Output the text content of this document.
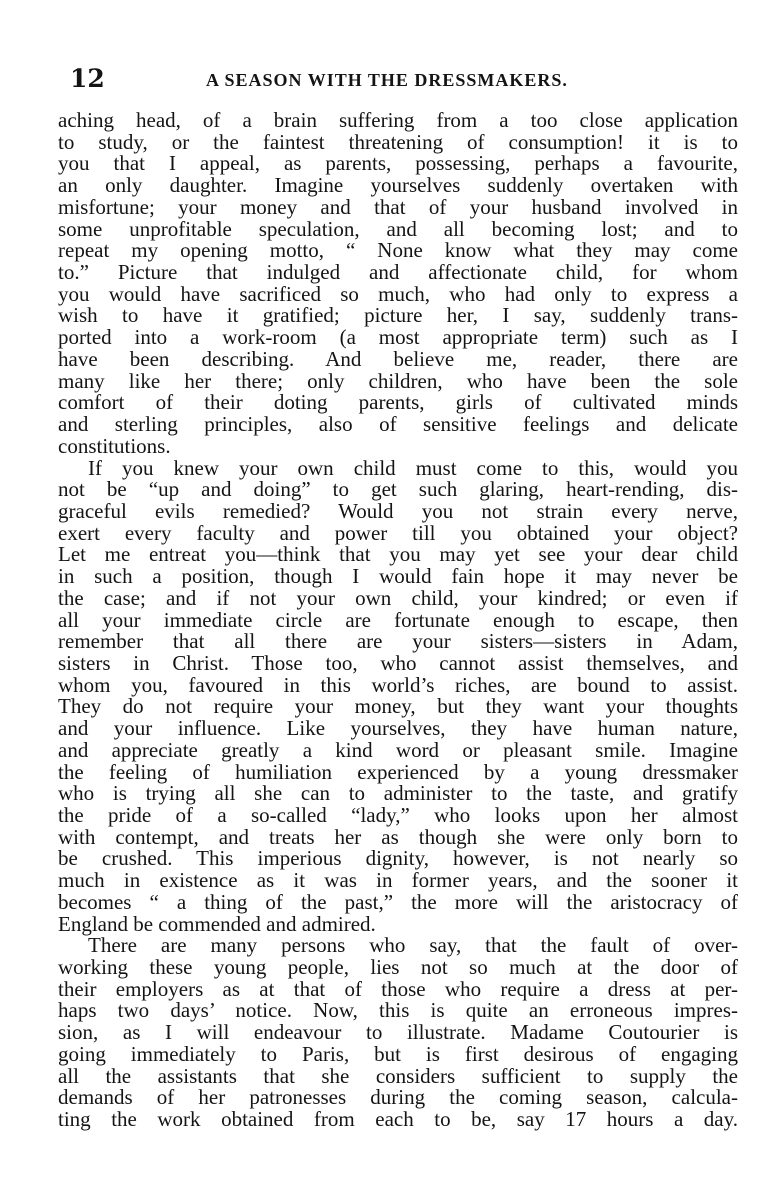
12	A SEASON WITH THE DRESSMAKERS.
aching head, of a brain suffering from a too close application
to study, or the faintest threatening of consumption! it is to
you that I appeal, as parents, possessing, perhaps a favourite,
an only daughter. Imagine yourselves suddenly overtaken with
misfortune; your money and that of your husband involved in
some unprofitable speculation, and all becoming lost; and to
repeat my opening motto, “ None know what they may come
to.” Picture that indulged and affectionate child, for whom
you would have sacrificed so much, who had only to express a
wish to have it gratified; picture her, I say, suddenly trans-
ported into a work-room (a most appropriate term) such as I
have been describing. And believe me, reader, there are
many like her there; only children, who have been the sole
comfort of their doting parents, girls of cultivated minds
and sterling principles, also of sensitive feelings and delicate
constitutions.
If you knew your own child must come to this, would you
not be “up and doing” to get such glaring, heart-rending, dis-
graceful evils remedied? Would you not strain every nerve,
exert every faculty and power till you obtained your object?
Let me entreat you—think that you may yet see your dear child
in such a position, though I would fain hope it may never be
the case; and if not your own child, your kindred; or even if
all your immediate circle are fortunate enough to escape, then
remember that all there are your sisters—sisters in Adam,
sisters in Christ. Those too, who cannot assist themselves, and
whom you, favoured in this world’s riches, are bound to assist.
They do not require your money, but they want your thoughts
and your influence. Like yourselves, they have human nature,
and appreciate greatly a kind word or pleasant smile. Imagine
the feeling of humiliation experienced by a young dressmaker
who is trying all she can to administer to the taste, and gratify
the pride of a so-called “lady,” who looks upon her almost
with contempt, and treats her as though she were only born to
be crushed. This imperious dignity, however, is not nearly so
much in existence as it was in former years, and the sooner it
becomes “ a thing of the past,” the more will the aristocracy of
England be commended and admired.
There are many persons who say, that the fault of over-
working these young people, lies not so much at the door of
their employers as at that of those who require a dress at per-
haps two days’ notice. Now, this is quite an erroneous impres-
sion, as I will endeavour to illustrate. Madame Coutourier is
going immediately to Paris, but is first desirous of engaging
all the assistants that she considers sufficient to supply the
demands of her patronesses during the coming season, calcula-
ting the work obtained from each to be, say 17 hours a day.
